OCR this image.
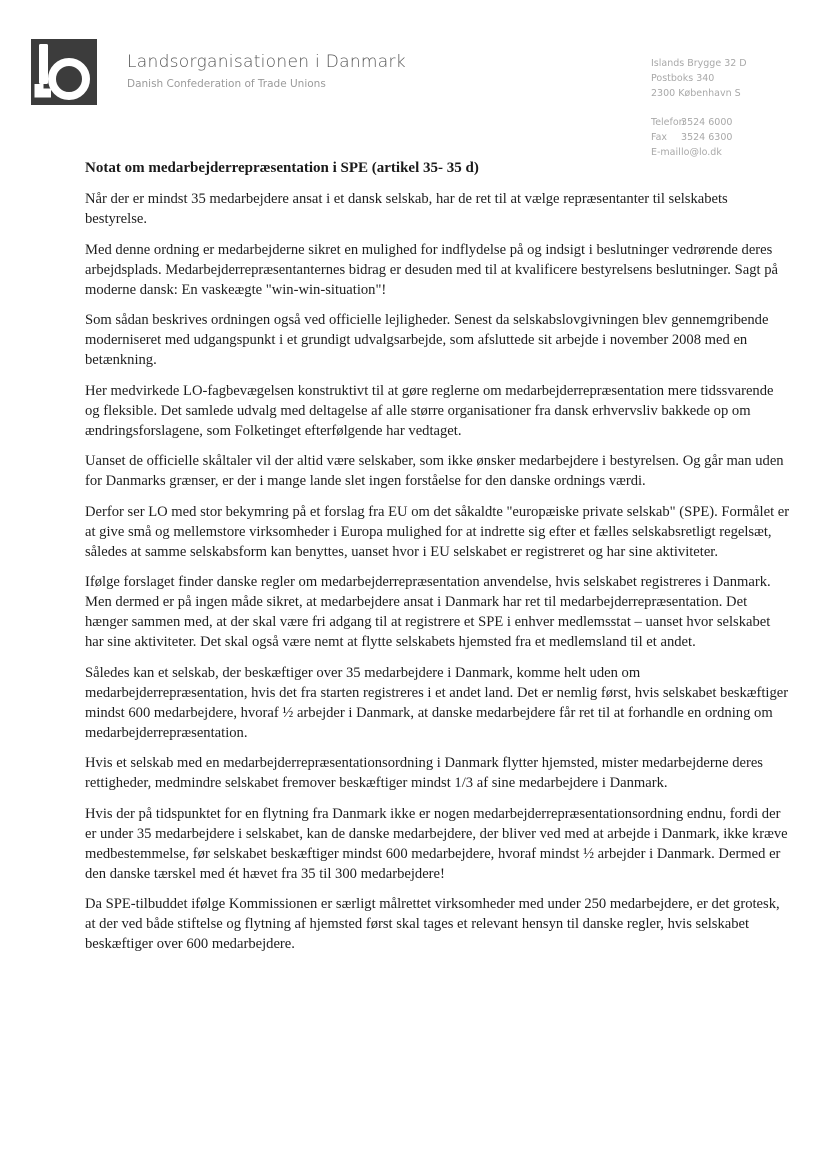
Landsorganisationen i Danmark
Danish Confederation of Trade Unions
Islands Brygge 32 D
Postboks 340
2300 København S
Telefon 3524 6000
Fax 3524 6300
E-mail lo@lo.dk
Notat om medarbejderrepræsentation i SPE (artikel 35- 35 d)

Når der er mindst 35 medarbejdere ansat i et dansk selskab, har de ret til at vælge repræsentanter til selskabets bestyrelse.

Med denne ordning er medarbejderne sikret en mulighed for indflydelse på og indsigt i beslutninger vedrørende deres arbejdsplads. Medarbejderrepræsentanternes bidrag er desuden med til at kvalificere bestyrelsens beslutninger. Sagt på moderne dansk: En vaskeægte "win-win-situation"!

Som sådan beskrives ordningen også ved officielle lejligheder. Senest da selskabslovgivningen blev gennemgribende moderniseret med udgangspunkt i et grundigt udvalgsarbejde, som afsluttede sit arbejde i november 2008 med en betænkning.

Her medvirkede LO-fagbevægelsen konstruktivt til at gøre reglerne om medarbejderrepræsentation mere tidssvarende og fleksible. Det samlede udvalg med deltagelse af alle større organisationer fra dansk erhvervsliv bakkede op om ændringsforslagene, som Folketinget efterfølgende har vedtaget.

Uanset de officielle skåltaler vil der altid være selskaber, som ikke ønsker medarbejdere i bestyrelsen. Og går man uden for Danmarks grænser, er der i mange lande slet ingen forståelse for den danske ordnings værdi.

Derfor ser LO med stor bekymring på et forslag fra EU om det såkaldte "europæiske private selskab" (SPE). Formålet er at give små og mellemstore virksomheder i Europa mulighed for at indrette sig efter et fælles selskabsretligt regelsæt, således at samme selskabsform kan benyttes, uanset hvor i EU selskabet er registreret og har sine aktiviteter.

Ifølge forslaget finder danske regler om medarbejderrepræsentation anvendelse, hvis selskabet registreres i Danmark. Men dermed er på ingen måde sikret, at medarbejdere ansat i Danmark har ret til medarbejderrepræsentation. Det hænger sammen med, at der skal være fri adgang til at registrere et SPE i enhver medlemsstat – uanset hvor selskabet har sine aktiviteter. Det skal også være nemt at flytte selskabets hjemsted fra et medlemsland til et andet.

Således kan et selskab, der beskæftiger over 35 medarbejdere i Danmark, komme helt uden om medarbejderrepræsentation, hvis det fra starten registreres i et andet land. Det er nemlig først, hvis selskabet beskæftiger mindst 600 medarbejdere, hvoraf ½ arbejder i Danmark, at danske medarbejdere får ret til at forhandle en ordning om medarbejderrepræsentation.

Hvis et selskab med en medarbejderrepræsentationsordning i Danmark flytter hjemsted, mister medarbejderne deres rettigheder, medmindre selskabet fremover beskæftiger mindst 1/3 af sine medarbejdere i Danmark.

Hvis der på tidspunktet for en flytning fra Danmark ikke er nogen medarbejderrepræsentationsordning endnu, fordi der er under 35 medarbejdere i selskabet, kan de danske medarbejdere, der bliver ved med at arbejde i Danmark, ikke kræve medbestemmelse, før selskabet beskæftiger mindst 600 medarbejdere, hvoraf mindst ½ arbejder i Danmark. Dermed er den danske tærskel med ét hævet fra 35 til 300 medarbejdere!

Da SPE-tilbuddet ifølge Kommissionen er særligt målrettet virksomheder med under 250 medarbejdere, er det grotesk, at der ved både stiftelse og flytning af hjemsted først skal tages et relevant hensyn til danske regler, hvis selskabet beskæftiger over 600 medarbejdere.
